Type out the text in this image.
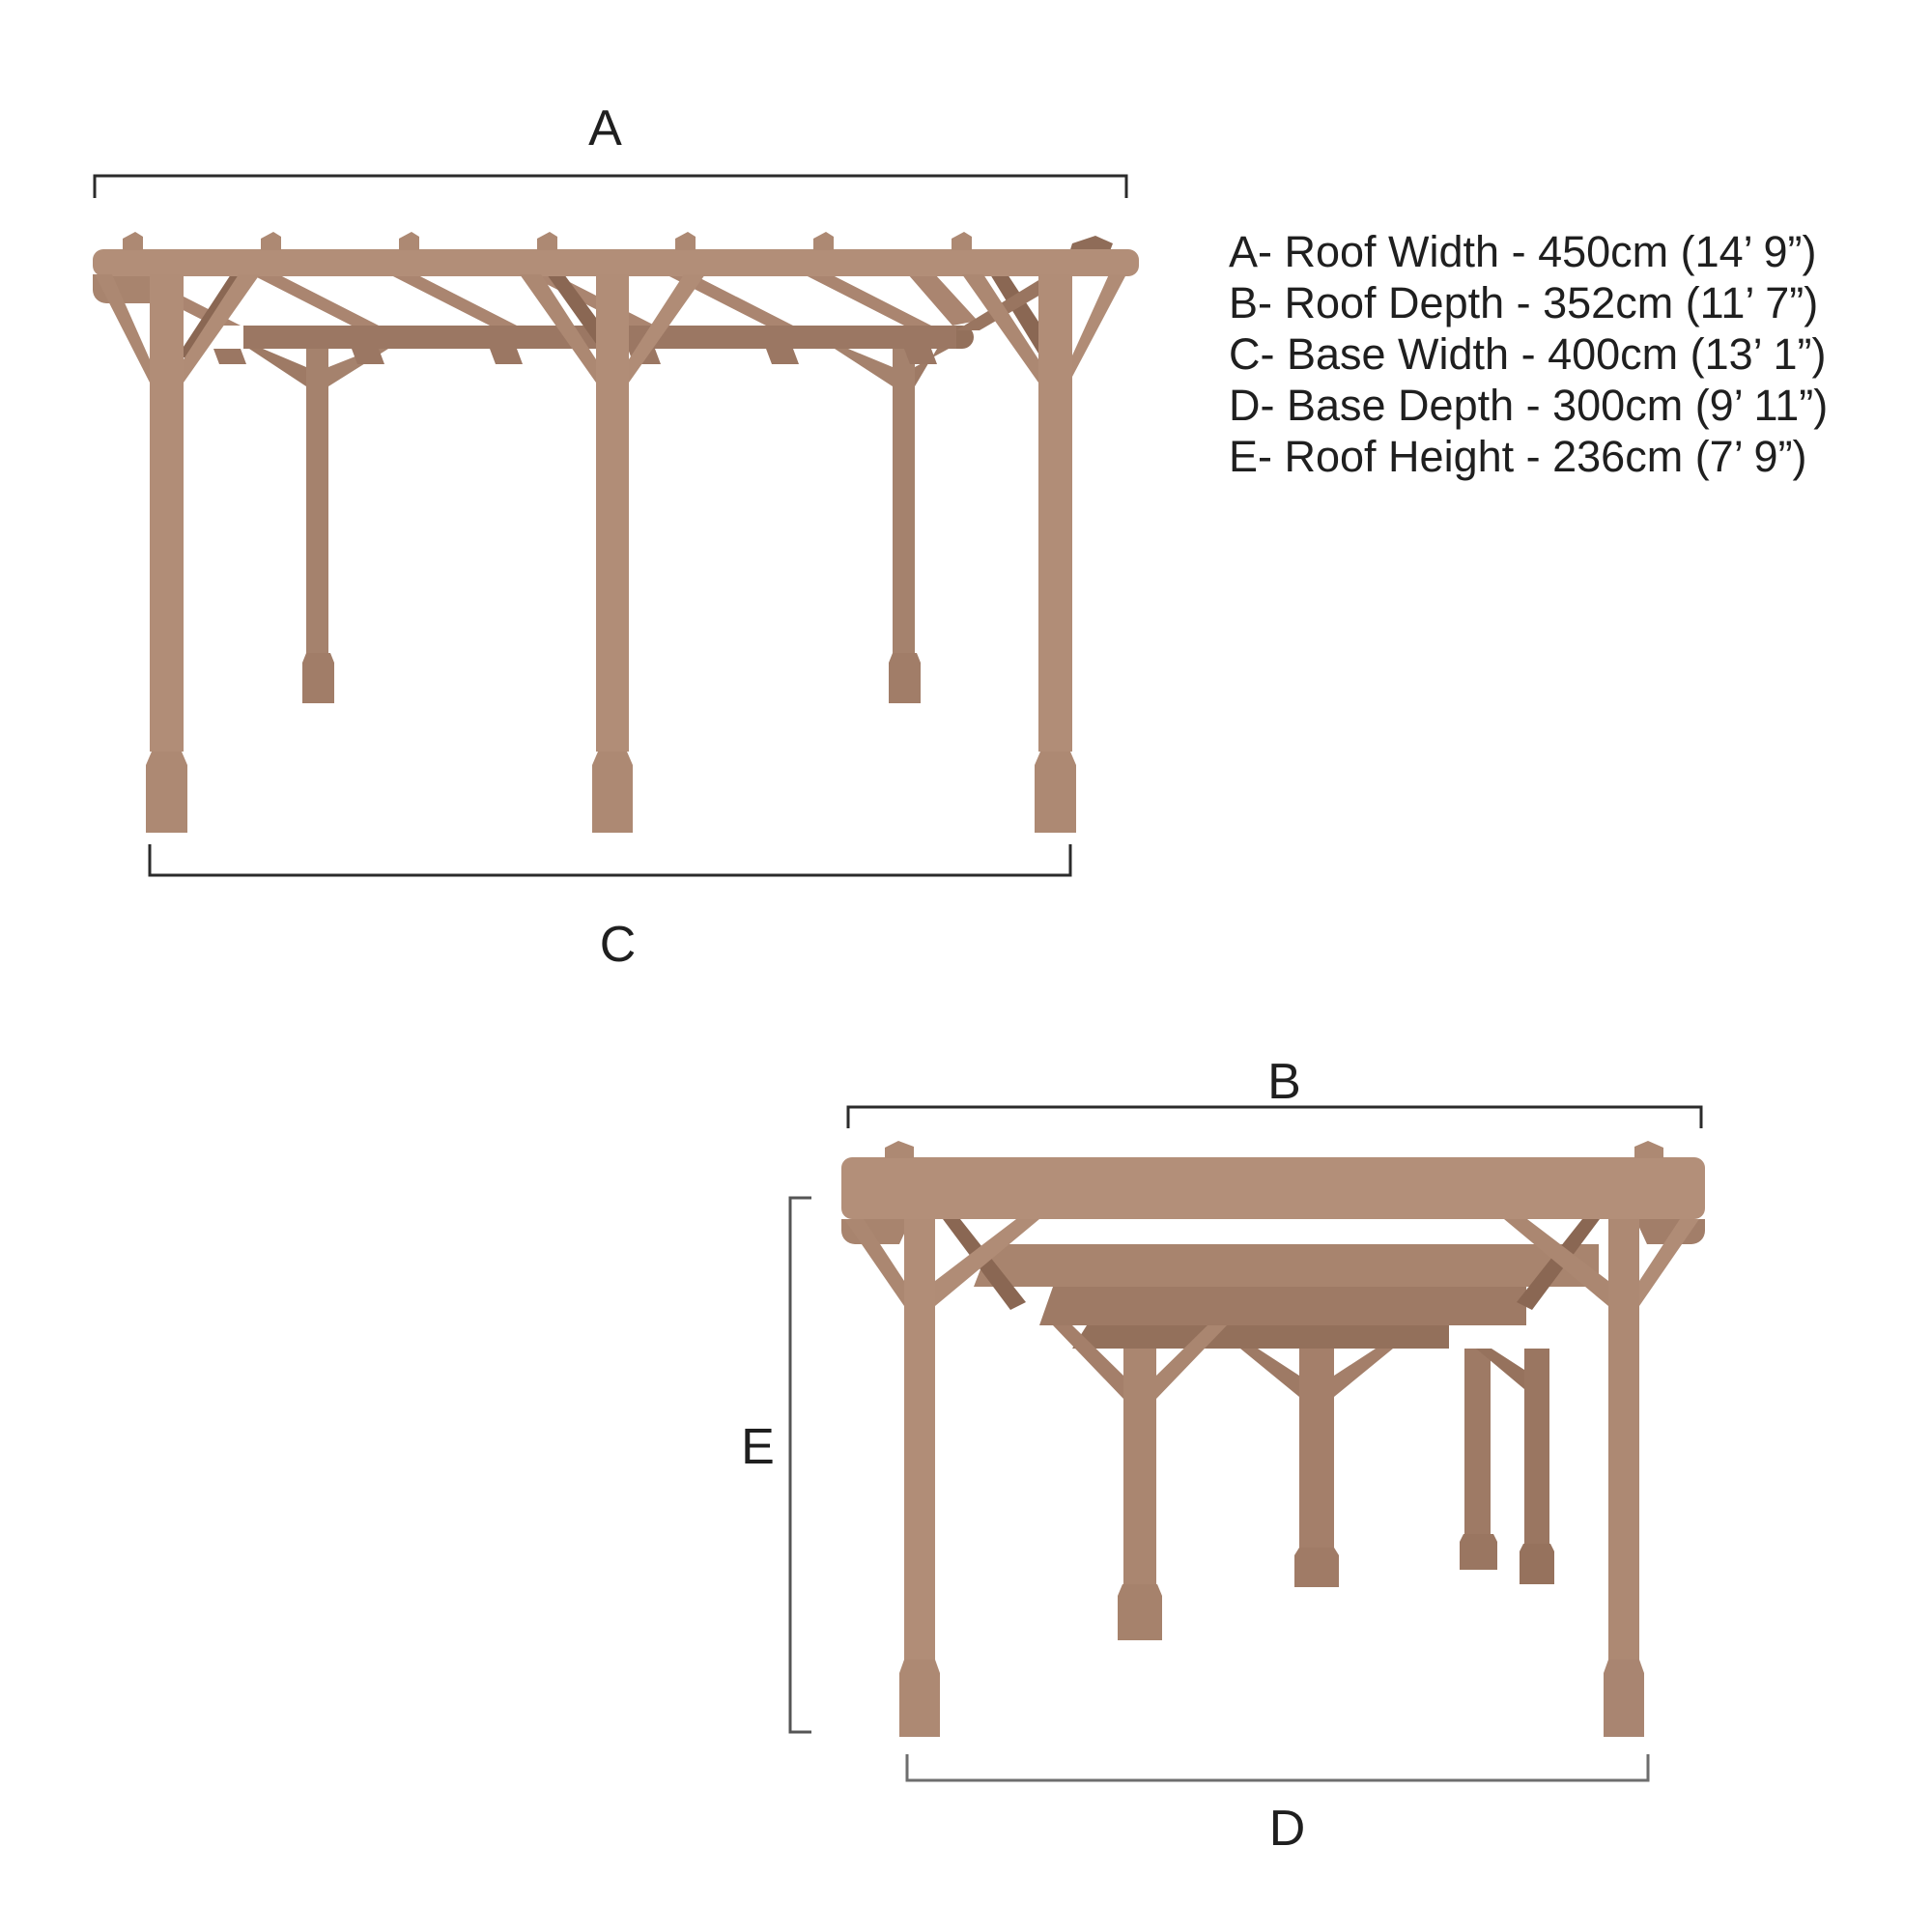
A
C
B
E
D
A- Roof Width - 450cm (14’ 9”)
B- Roof Depth - 352cm (11’ 7”)
C- Base Width - 400cm (13’ 1”)
D- Base Depth - 300cm (9’ 11”)
E- Roof Height - 236cm (7’ 9”)
